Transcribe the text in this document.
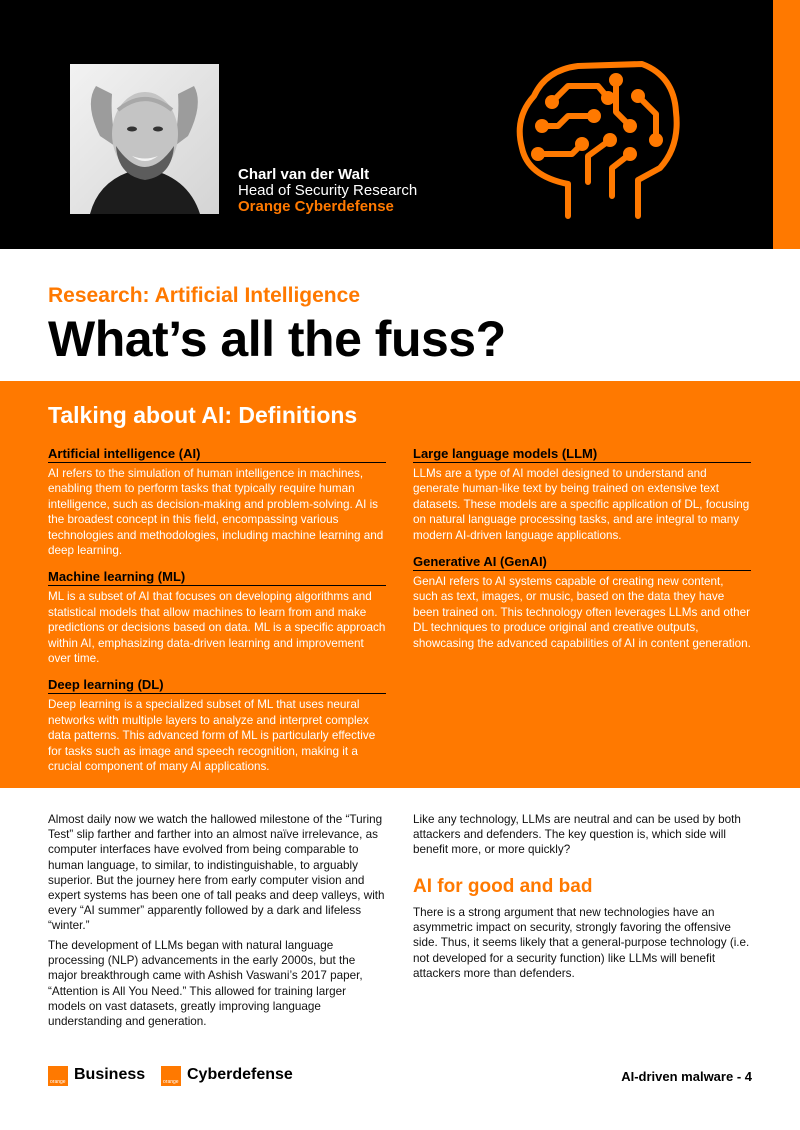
Charl van der Walt
Head of Security Research
Orange Cyberdefense
Research: Artificial Intelligence
What’s all the fuss?
Talking about AI: Definitions
Artificial intelligence (AI)

AI refers to the simulation of human intelligence in machines, enabling them to perform tasks that typically require human intelligence, such as decision-making and problem-solving. AI is the broadest concept in this field, encompassing various technologies and methodologies, including machine learning and deep learning.

Machine learning (ML)

ML is a subset of AI that focuses on developing algorithms and statistical models that allow machines to learn from and make predictions or decisions based on data. ML is a specific approach within AI, emphasizing data-driven learning and improvement over time.

Deep learning (DL)

Deep learning is a specialized subset of ML that uses neural networks with multiple layers to analyze and interpret complex data patterns. This advanced form of ML is particularly effective for tasks such as image and speech recognition, making it a crucial component of many AI applications.

Large language models (LLM)

LLMs are a type of AI model designed to understand and generate human-like text by being trained on extensive text datasets. These models are a specific application of DL, focusing on natural language processing tasks, and are integral to many modern AI-driven language applications.

Generative AI (GenAI)

GenAI refers to AI systems capable of creating new content, such as text, images, or music, based on the data they have been trained on. This technology often leverages LLMs and other DL techniques to produce original and creative outputs, showcasing the advanced capabilities of AI in content generation.

Almost daily now we watch the hallowed milestone of the “Turing Test” slip farther and farther into an almost naïve irrelevance, as computer interfaces have evolved from being comparable to human language, to similar, to indistinguishable, to arguably superior. But the journey here from early computer vision and expert systems has been one of tall peaks and deep valleys, with every “AI summer” apparently followed by a dark and lifeless “winter.”

The development of LLMs began with natural language processing (NLP) advancements in the early 2000s, but the major breakthrough came with Ashish Vaswani’s 2017 paper, “Attention is All You Need.” This allowed for training larger models on vast datasets, greatly improving language understanding and generation.

Like any technology, LLMs are neutral and can be used by both attackers and defenders. The key question is, which side will benefit more, or more quickly?

AI for good and bad

There is a strong argument that new technologies have an asymmetric impact on security, strongly favoring the offensive side. Thus, it seems likely that a general-purpose technology (i.e. not developed for a security function) like LLMs will benefit attackers more than defenders.

orange Business	orange Cyberdefense	AI-driven malware - 4
